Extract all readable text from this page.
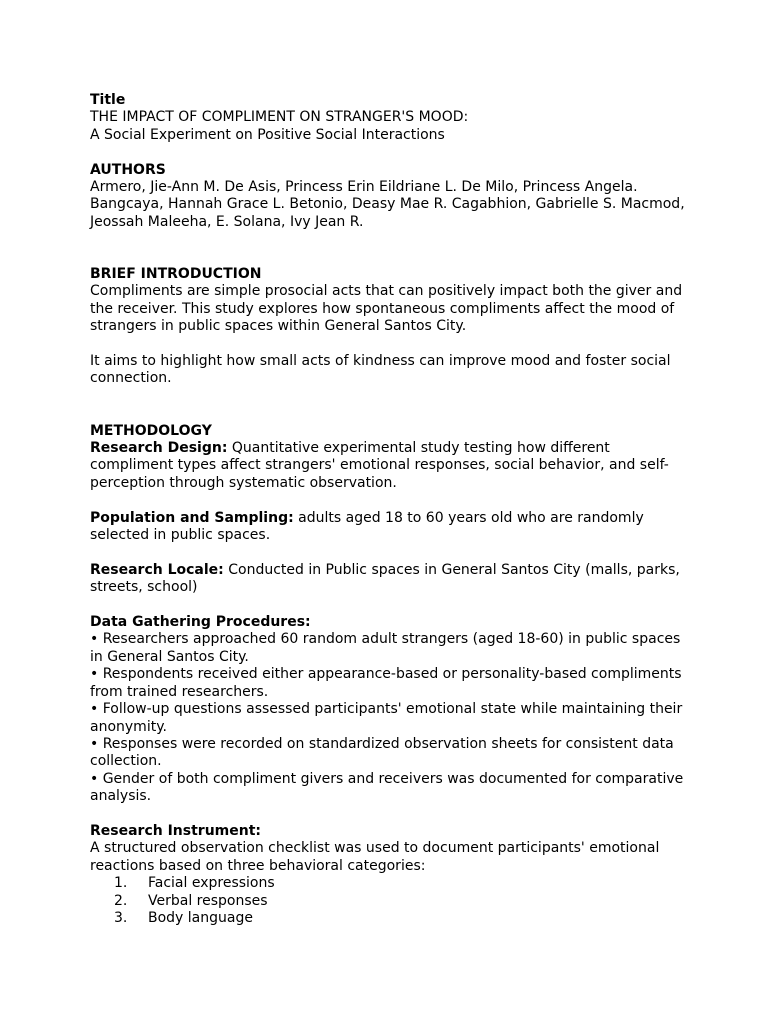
Title

THE IMPACT OF COMPLIMENT ON STRANGER'S MOOD:

A Social Experiment on Positive Social Interactions

AUTHORS

Armero, Jie-Ann M. De Asis, Princess Erin Eildriane L. De Milo, Princess Angela. Bangcaya, Hannah Grace L. Betonio, Deasy Mae R. Cagabhion, Gabrielle S. Macmod, Jeossah Maleeha, E. Solana, Ivy Jean R.

BRIEF INTRODUCTION

Compliments are simple prosocial acts that can positively impact both the giver and the receiver. This study explores how spontaneous compliments affect the mood of strangers in public spaces within General Santos City.

It aims to highlight how small acts of kindness can improve mood and foster social connection.

METHODOLOGY

Research Design: Quantitative experimental study testing how different compliment types affect strangers' emotional responses, social behavior, and self-perception through systematic observation.

Population and Sampling: adults aged 18 to 60 years old who are randomly selected in public spaces.

Research Locale: Conducted in Public spaces in General Santos City (malls, parks, streets, school)

Data Gathering Procedures:

• Researchers approached 60 random adult strangers (aged 18-60) in public spaces in General Santos City.

• Respondents received either appearance-based or personality-based compliments from trained researchers.

• Follow-up questions assessed participants' emotional state while maintaining their anonymity.

• Responses were recorded on standardized observation sheets for consistent data collection.

• Gender of both compliment givers and receivers was documented for comparative analysis.

Research Instrument:

A structured observation checklist was used to document participants' emotional reactions based on three behavioral categories:

1.	Facial expressions
2.	Verbal responses
3.	Body language
